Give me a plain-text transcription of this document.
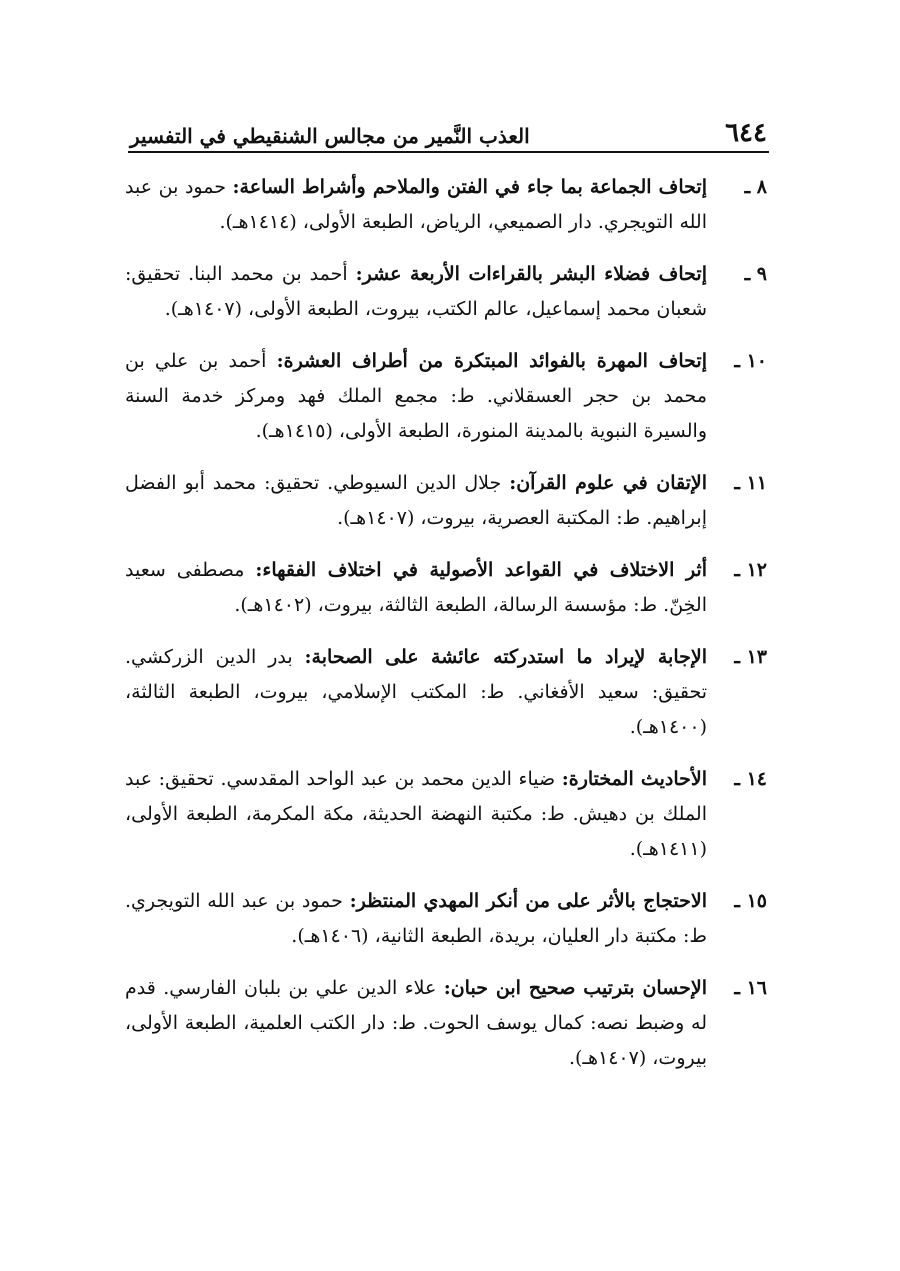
٦٤٤
العذب النَّمير من مجالس الشنقيطي في التفسير
٨ ـ
إتحاف الجماعة بما جاء في الفتن والملاحم وأشراط الساعة: حمود بن عبد الله التويجري. دار الصميعي، الرياض، الطبعة الأولى، (١٤١٤هـ).
٩ ـ
إتحاف فضلاء البشر بالقراءات الأربعة عشر: أحمد بن محمد البنا. تحقيق: شعبان محمد إسماعيل، عالم الكتب، بيروت، الطبعة الأولى، (١٤٠٧هـ).
١٠ ـ
إتحاف المهرة بالفوائد المبتكرة من أطراف العشرة: أحمد بن علي بن محمد بن حجر العسقلاني. ط: مجمع الملك فهد ومركز خدمة السنة والسيرة النبوية بالمدينة المنورة، الطبعة الأولى، (١٤١٥هـ).
١١ ـ
الإتقان في علوم القرآن: جلال الدين السيوطي. تحقيق: محمد أبو الفضل إبراهيم. ط: المكتبة العصرية، بيروت، (١٤٠٧هـ).
١٢ ـ
أثر الاختلاف في القواعد الأصولية في اختلاف الفقهاء: مصطفى سعيد الخِنّ. ط: مؤسسة الرسالة، الطبعة الثالثة، بيروت، (١٤٠٢هـ).
١٣ ـ
الإجابة لإيراد ما استدركته عائشة على الصحابة: بدر الدين الزركشي. تحقيق: سعيد الأفغاني. ط: المكتب الإسلامي، بيروت، الطبعة الثالثة، (١٤٠٠هـ).
١٤ ـ
الأحاديث المختارة: ضياء الدين محمد بن عبد الواحد المقدسي. تحقيق: عبد الملك بن دهيش. ط: مكتبة النهضة الحديثة، مكة المكرمة، الطبعة الأولى، (١٤١١هـ).
١٥ ـ
الاحتجاج بالأثر على من أنكر المهدي المنتظر: حمود بن عبد الله التويجري. ط: مكتبة دار العليان، بريدة، الطبعة الثانية، (١٤٠٦هـ).
١٦ ـ
الإحسان بترتيب صحيح ابن حبان: علاء الدين علي بن بلبان الفارسي. قدم له وضبط نصه: كمال يوسف الحوت. ط: دار الكتب العلمية، الطبعة الأولى، بيروت، (١٤٠٧هـ).
